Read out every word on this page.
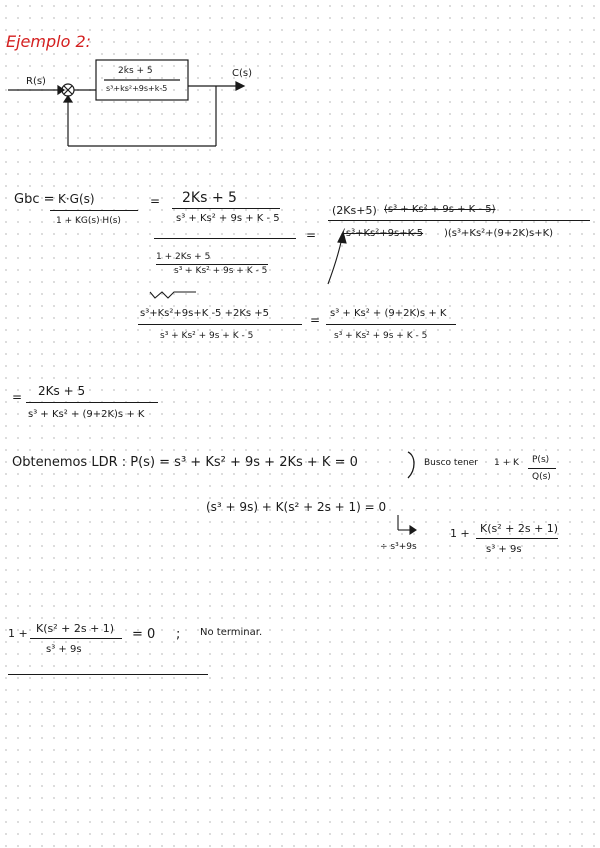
Ejemplo 2:
R(s)
C(s)
2ks + 5
s³+ks²+9s+k-5
Gbc = K·G(s)
1 + KG(s)·H(s)
= 2Ks + 5
s³ + Ks² + 9s + K - 5
=
1 + 2Ks + 5
s³ + Ks² + 9s + K - 5
(2Ks+5) (s³ + Ks² + 9s + K - 5)
(s³+Ks²+9s+K-5 )(s³+Ks²+(9+2K)s+K)
s³+Ks²+9s+K -5 +2Ks +5
s³ + Ks² + 9s + K - 5
= s³ + Ks² + (9+2K)s + K
s³ + Ks² + 9s + K - 5
= 2Ks + 5
s³ + Ks² + (9+2K)s + K
Obtenemos LDR : P(s) = s³ + Ks² + 9s + 2Ks + K = 0	Busco tener 1 + K P(s)
Q(s)
(s³ + 9s) + K(s² + 2s + 1) = 0
÷ s³+9s
1 + K(s² + 2s + 1)
s³ + 9s
1 + K(s² + 2s + 1)
s³ + 9s
= 0 ; No terminar.
